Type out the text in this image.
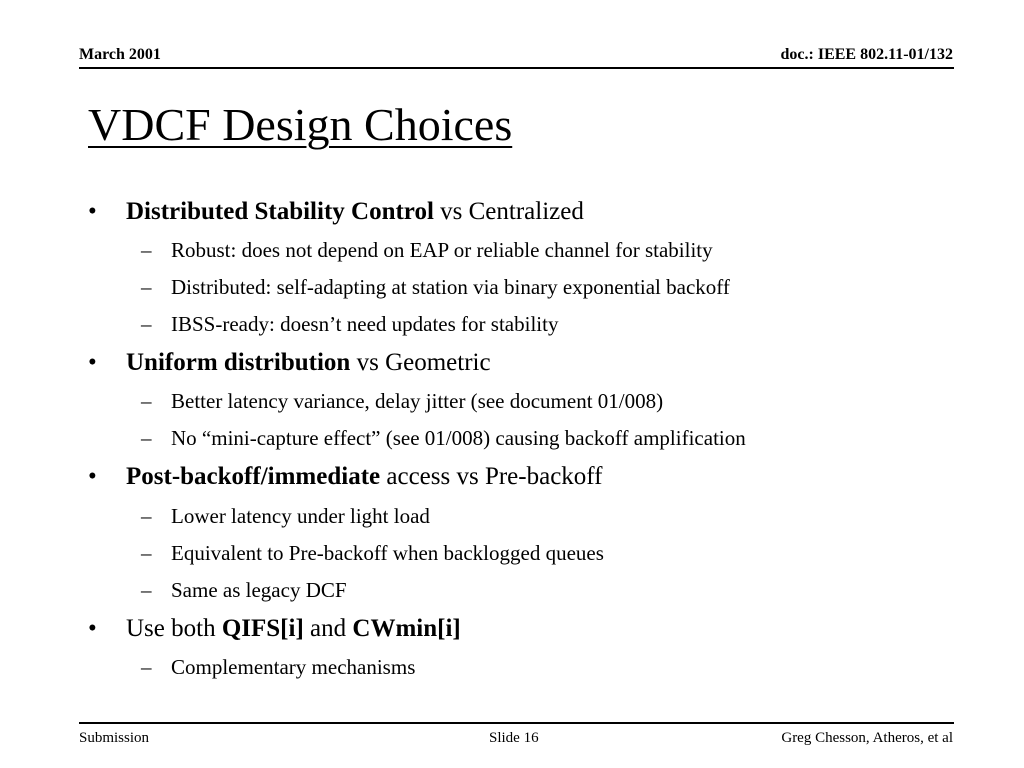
March 2001	doc.: IEEE 802.11-01/132
VDCF Design Choices
•	Distributed Stability Control vs Centralized
– Robust: does not depend on EAP or reliable channel for stability
– Distributed: self-adapting at station via binary exponential backoff
– IBSS-ready: doesn’t need updates for stability
•	Uniform distribution vs Geometric
– Better latency variance, delay jitter (see document 01/008)
– No “mini-capture effect” (see 01/008) causing backoff amplification
•	Post-backoff/immediate access vs Pre-backoff
– Lower latency under light load
– Equivalent to Pre-backoff when backlogged queues
– Same as legacy DCF
•	Use both QIFS[i] and CWmin[i]
– Complementary mechanisms
Submission	Slide 16	Greg Chesson, Atheros, et al
